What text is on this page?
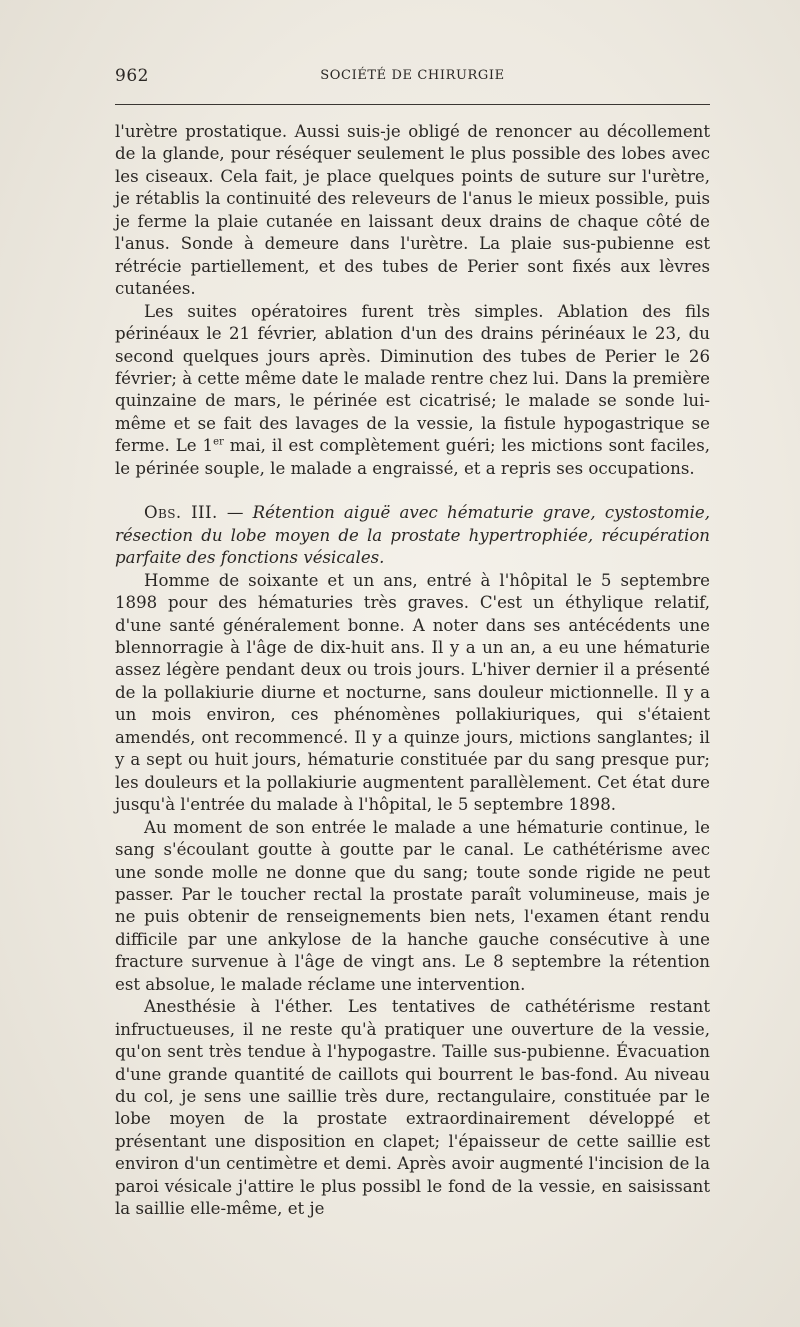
962	SOCIÉTÉ DE CHIRURGIE

l'urètre prostatique. Aussi suis-je obligé de renoncer au décollement de la glande, pour réséquer seulement le plus possible des lobes avec les ciseaux. Cela fait, je place quelques points de suture sur l'urètre, je rétablis la continuité des releveurs de l'anus le mieux possible, puis je ferme la plaie cutanée en laissant deux drains de chaque côté de l'anus. Sonde à demeure dans l'urètre. La plaie sus-pubienne est rétrécie partiellement, et des tubes de Perier sont fixés aux lèvres cutanées.

Les suites opératoires furent très simples. Ablation des fils périnéaux le 21 février, ablation d'un des drains périnéaux le 23, du second quelques jours après. Diminution des tubes de Perier le 26 février; à cette même date le malade rentre chez lui. Dans la première quinzaine de mars, le périnée est cicatrisé; le malade se sonde lui-même et se fait des lavages de la vessie, la fistule hypogastrique se ferme. Le 1er mai, il est complètement guéri; les mictions sont faciles, le périnée souple, le malade a engraissé, et a repris ses occupations.

Obs. III. — Rétention aiguë avec hématurie grave, cystostomie, résection du lobe moyen de la prostate hypertrophiée, récupération parfaite des fonctions vésicales.

Homme de soixante et un ans, entré à l'hôpital le 5 septembre 1898 pour des hématuries très graves. C'est un éthylique relatif, d'une santé généralement bonne. A noter dans ses antécédents une blennorragie à l'âge de dix-huit ans. Il y a un an, a eu une hématurie assez légère pendant deux ou trois jours. L'hiver dernier il a présenté de la pollakiurie diurne et nocturne, sans douleur mictionnelle. Il y a un mois environ, ces phénomènes pollakiuriques, qui s'étaient amendés, ont recommencé. Il y a quinze jours, mictions sanglantes; il y a sept ou huit jours, hématurie constituée par du sang presque pur; les douleurs et la pollakiurie augmentent parallèlement. Cet état dure jusqu'à l'entrée du malade à l'hôpital, le 5 septembre 1898.

Au moment de son entrée le malade a une hématurie continue, le sang s'écoulant goutte à goutte par le canal. Le cathétérisme avec une sonde molle ne donne que du sang; toute sonde rigide ne peut passer. Par le toucher rectal la prostate paraît volumineuse, mais je ne puis obtenir de renseignements bien nets, l'examen étant rendu difficile par une ankylose de la hanche gauche consécutive à une fracture survenue à l'âge de vingt ans. Le 8 septembre la rétention est absolue, le malade réclame une intervention.

Anesthésie à l'éther. Les tentatives de cathétérisme restant infructueuses, il ne reste qu'à pratiquer une ouverture de la vessie, qu'on sent très tendue à l'hypogastre. Taille sus-pubienne. Évacuation d'une grande quantité de caillots qui bourrent le bas-fond. Au niveau du col, je sens une saillie très dure, rectangulaire, constituée par le lobe moyen de la prostate extraordinairement développé et présentant une disposition en clapet; l'épaisseur de cette saillie est environ d'un centimètre et demi. Après avoir augmenté l'incision de la paroi vésicale j'attire le plus possibl le fond de la vessie, en saisissant la saillie elle-même, et je
